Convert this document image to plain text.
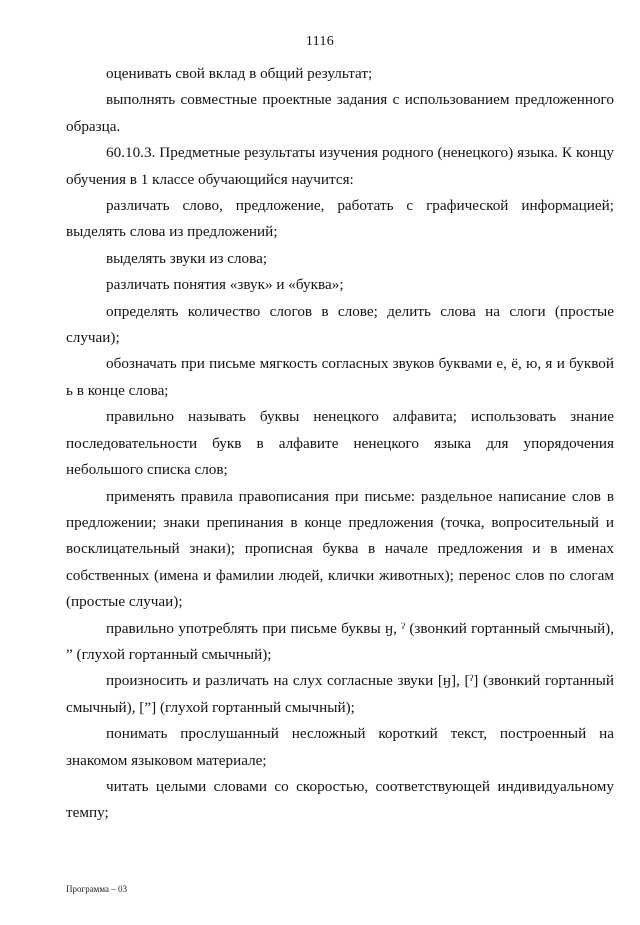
1116

оценивать свой вклад в общий результат;

выполнять совместные проектные задания с использованием предложенного образца.

60.10.3. Предметные результаты изучения родного (ненецкого) языка. К концу обучения в 1 классе обучающийся научится:

различать слово, предложение, работать с графической информацией; выделять слова из предложений;

выделять звуки из слова;

различать понятия «звук» и «буква»;

определять количество слогов в слове; делить слова на слоги (простые случаи);

обозначать при письме мягкость согласных звуков буквами е, ё, ю, я и буквой ь в конце слова;

правильно называть буквы ненецкого алфавита; использовать знание последовательности букв в алфавите ненецкого языка для упорядочения небольшого списка слов;

применять правила правописания при письме: раздельное написание слов в предложении; знаки препинания в конце предложения (точка, вопросительный и восклицательный знаки); прописная буква в начале предложения и в именах собственных (имена и фамилии людей, клички животных); перенос слов по слогам (простые случаи);

правильно употреблять при письме буквы ӈ, ˀ (звонкий гортанный смычный), ” (глухой гортанный смычный);

произносить и различать на слух согласные звуки [ӈ], [ˀ] (звонкий гортанный смычный), [”] (глухой гортанный смычный);

понимать прослушанный несложный короткий текст, построенный на знакомом языковом материале;

читать целыми словами со скоростью, соответствующей индивидуальному темпу;

Программа – 03
